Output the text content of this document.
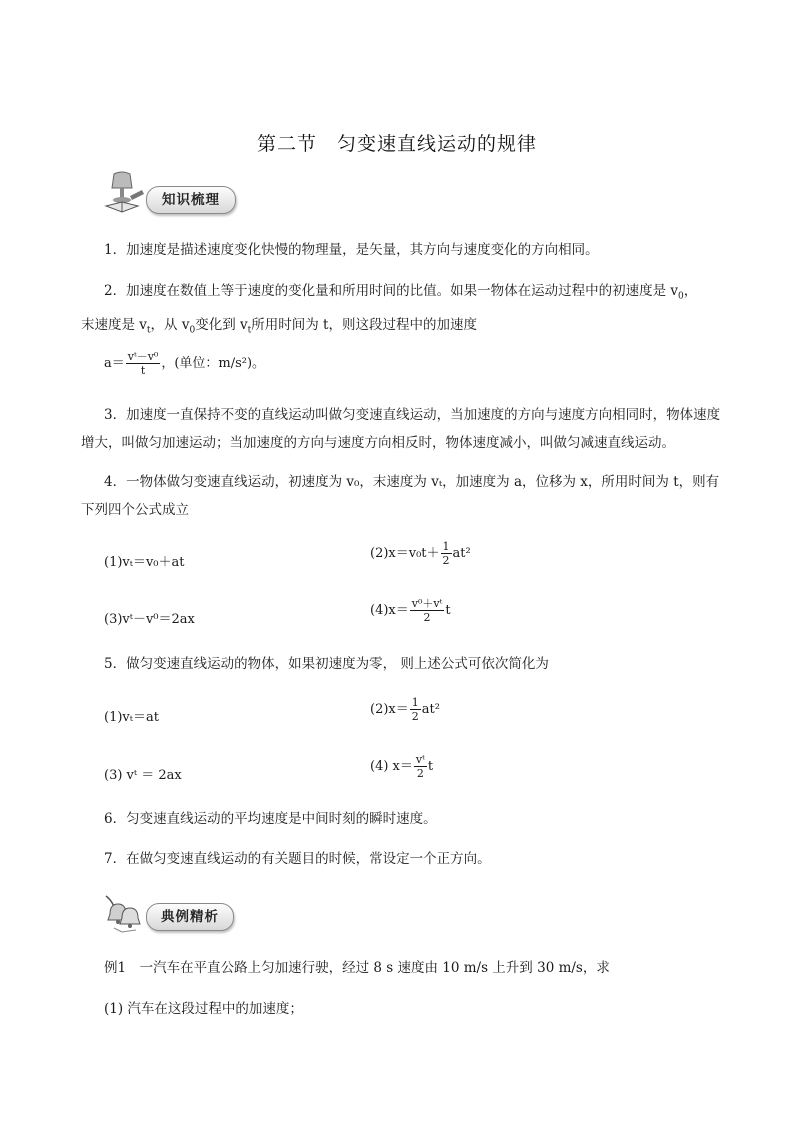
第二节　匀变速直线运动的规律
知识梳理

1．加速度是描述速度变化快慢的物理量，是矢量，其方向与速度变化的方向相同。

2．加速度在数值上等于速度的变化量和所用时间的比值。如果一物体在运动过程中的初速度是 $v_0$，

末速度是 $v_t$，从 $v_0$变化到 $v_t$所用时间为 t，则这段过程中的加速度

$a= \frac{\text{vᵗ－v⁰}}{t}$ ，(单位：m/s²)。

3．加速度一直保持不变的直线运动叫做匀变速直线运动，当加速度的方向与速度方向相同时，物体速度增大，叫做匀加速运动；当加速度的方向与速度方向相反时，物体速度减小，叫做匀减速直线运动。

4．一物体做匀变速直线运动，初速度为 v₀，末速度为 vₜ，加速度为 a，位移为 x，所用时间为 t，则有下列四个公式成立

(1)vₜ＝v₀＋at
$(2)x=v_0t+ \frac{1}{2} at^2$
(3)vᵗ－v⁰＝2ax
$(4)x= \frac{\text{v⁰＋vᵗ}}{2}$ t

5．做匀变速直线运动的物体，如果初速度为零， 则上述公式可依次简化为

(1)vₜ＝at
$(2)x= \frac{1}{2} at^2$
(3) vᵗ ＝ 2ax
(4) $x= \frac{\text{vᵗ}}{2}$ t

6．匀变速直线运动的平均速度是中间时刻的瞬时速度。

7．在做匀变速直线运动的有关题目的时候，常设定一个正方向。

典例精析

例1　一汽车在平直公路上匀加速行驶，经过 8 s 速度由 10 m/s 上升到 30 m/s，求

(1) 汽车在这段过程中的加速度；
